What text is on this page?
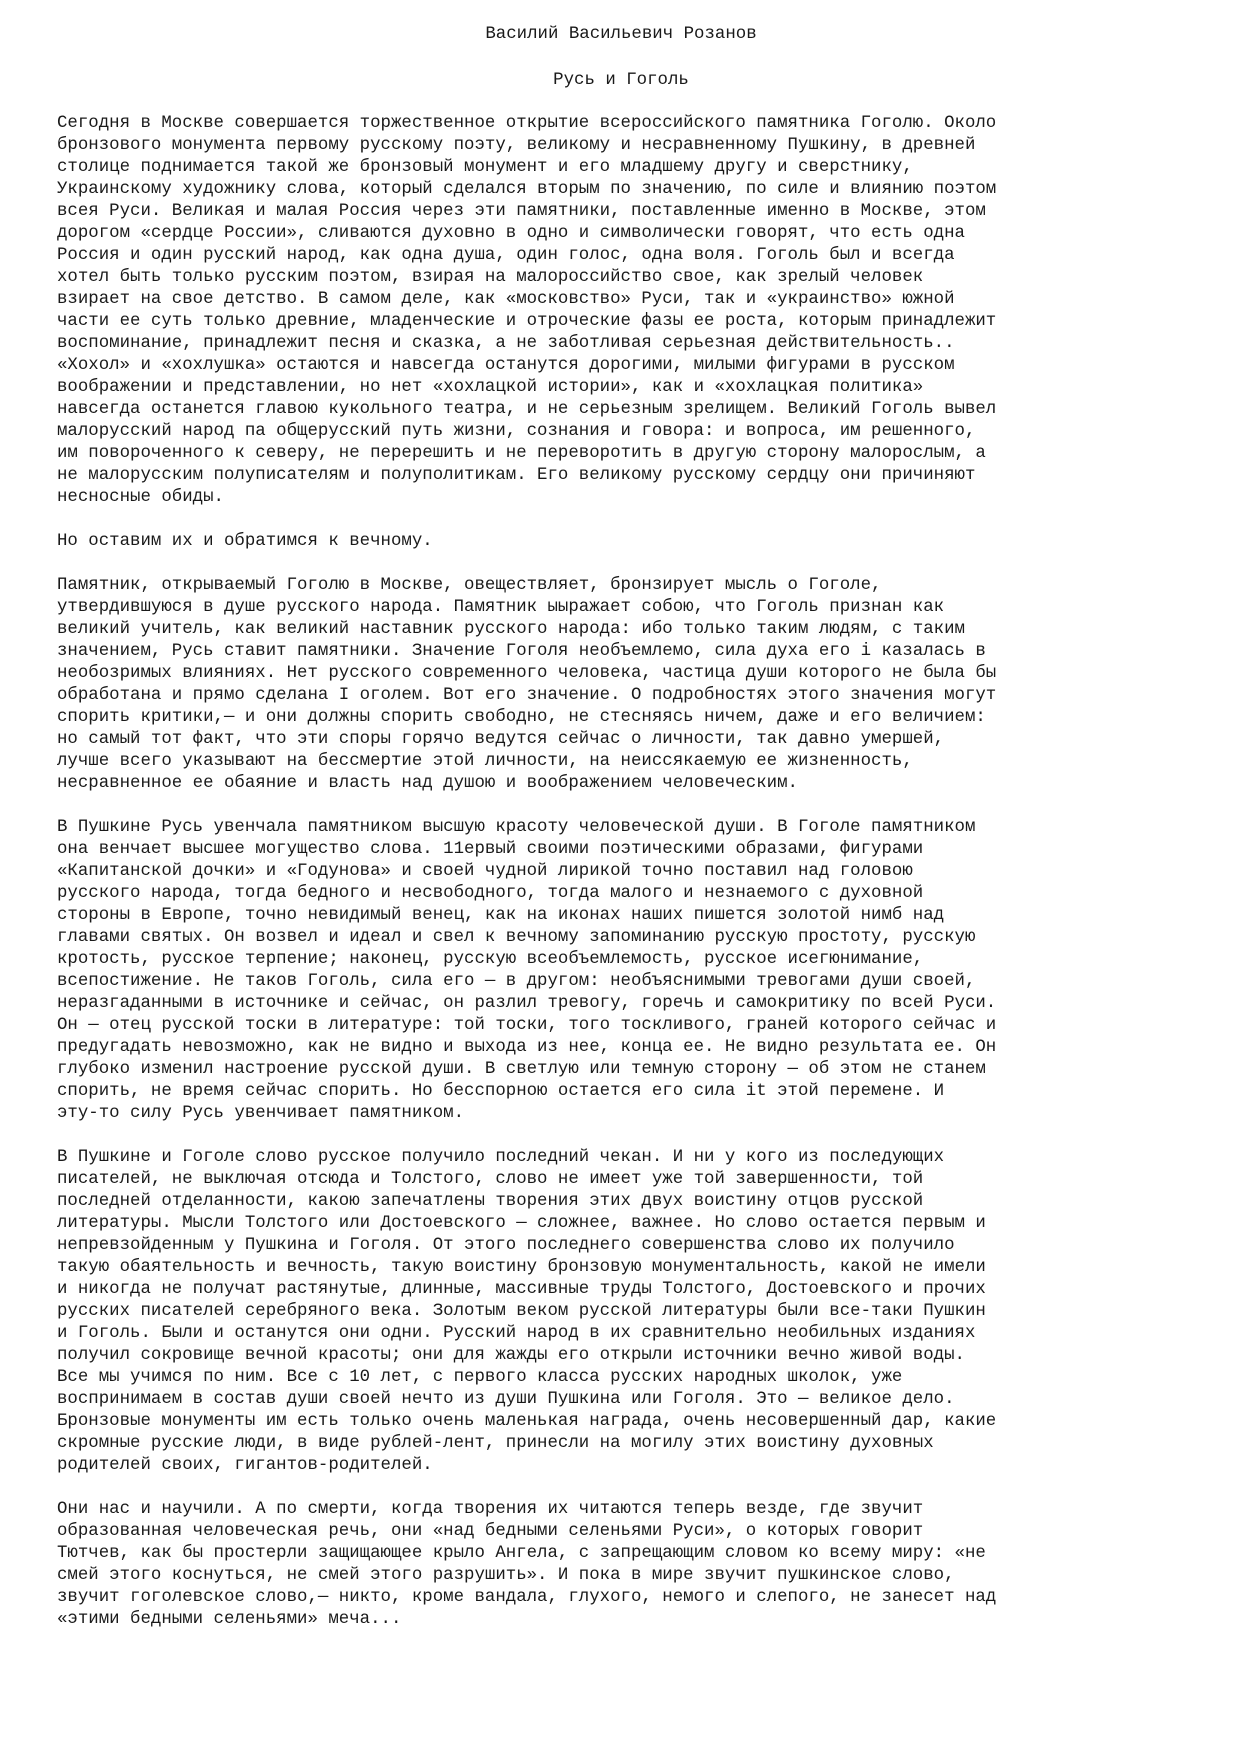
Василий Васильевич Розанов
Русь и Гоголь
Сегодня в Москве совершается торжественное открытие всероссийского памятника Гоголю. Около
бронзового монумента первому русскому поэту, великому и несравненному Пушкину, в древней
столице поднимается такой же бронзовый монумент и его младшему другу и сверстнику,
Украинскому художнику слова, который сделался вторым по значению, по силе и влиянию поэтом
всея Руси. Великая и малая Россия через эти памятники, поставленные именно в Москве, этом
дорогом «сердце России», сливаются духовно в одно и символически говорят, что есть одна
Россия и один русский народ, как одна душа, один голос, одна воля. Гоголь был и всегда
хотел быть только русским поэтом, взирая на малороссийство свое, как зрелый человек
взирает на свое детство. В самом деле, как «московство» Руси, так и «украинство» южной
части ее суть только древние, младенческие и отроческие фазы ее роста, которым принадлежит
воспоминание, принадлежит песня и сказка, а не заботливая серьезная действительность..
«Хохол» и «хохлушка» остаются и навсегда останутся дорогими, милыми фигурами в русском
воображении и представлении, но нет «хохлацкой истории», как и «хохлацкая политика»
навсегда останется главою кукольного театра, и не серьезным зрелищем. Великий Гоголь вывел
малорусский народ па общерусский путь жизни, сознания и говора: и вопроса, им решенного,
им повороченного к северу, не перерешить и не переворотить в другую сторону малорослым, а
не малорусским полуписателям и полуполитикам. Его великому русскому сердцу они причиняют
несносные обиды.
Но оставим их и обратимся к вечному.
Памятник, открываемый Гоголю в Москве, овеществляет, бронзирует мысль о Гоголе,
утвердившуюся в душе русского народа. Памятник ыыражает собою, что Гоголь признан как
великий учитель, как великий наставник русского народа: ибо только таким людям, с таким
значением, Русь ставит памятники. Значение Гоголя необъемлемо, сила духа его i казалась в
необозримых влияниях. Нет русского современного человека, частица души которого не была бы
обработана и прямо сделана I оголем. Вот его значение. О подробностях этого значения могут
спорить критики,— и они должны спорить свободно, не стесняясь ничем, даже и его величием:
но самый тот факт, что эти споры горячо ведутся сейчас о личности, так давно умершей,
лучше всего указывают на бессмертие этой личности, на неиссякаемую ее жизненность,
несравненное ее обаяние и власть над душою и воображением человеческим.
В Пушкине Русь увенчала памятником высшую красоту человеческой души. В Гоголе памятником
она венчает высшее могущество слова. 11ервый своими поэтическими образами, фигурами
«Капитанской дочки» и «Годунова» и своей чудной лирикой точно поставил над головою
русского народа, тогда бедного и несвободного, тогда малого и незнаемого с духовной
стороны в Европе, точно невидимый венец, как на иконах наших пишется золотой нимб над
главами святых. Он возвел и идеал и свел к вечному запоминанию русскую простоту, русскую
кротость, русское терпение; наконец, русскую всеобъемлемость, русское исегюнимание,
всепостижение. Не таков Гоголь, сила его — в другом: необъяснимыми тревогами души своей,
неразгаданными в источнике и сейчас, он разлил тревогу, горечь и самокритику по всей Руси.
Он — отец русской тоски в литературе: той тоски, того тоскливого, граней которого сейчас и
предугадать невозможно, как не видно и выхода из нее, конца ее. Не видно результата ее. Он
глубоко изменил настроение русской души. В светлую или темную сторону — об этом не станем
спорить, не время сейчас спорить. Но бесспорною остается его сила it этой перемене. И
эту-то силу Русь увенчивает памятником.
В Пушкине и Гоголе слово русское получило последний чекан. И ни у кого из последующих
писателей, не выключая отсюда и Толстого, слово не имеет уже той завершенности, той
последней отделанности, какою запечатлены творения этих двух воистину отцов русской
литературы. Мысли Толстого или Достоевского — сложнее, важнее. Но слово остается первым и
непревзойденным у Пушкина и Гоголя. От этого последнего совершенства слово их получило
такую обаятельность и вечность, такую воистину бронзовую монументальность, какой не имели
и никогда не получат растянутые, длинные, массивные труды Толстого, Достоевского и прочих
русских писателей серебряного века. Золотым веком русской литературы были все-таки Пушкин
и Гоголь. Были и останутся они одни. Русский народ в их сравнительно необильных изданиях
получил сокровище вечной красоты; они для жажды его открыли источники вечно живой воды.
Все мы учимся по ним. Все с 10 лет, с первого класса русских народных школок, уже
воспринимаем в состав души своей нечто из души Пушкина или Гоголя. Это — великое дело.
Бронзовые монументы им есть только очень маленькая награда, очень несовершенный дар, какие
скромные русские люди, в виде рублей-лент, принесли на могилу этих воистину духовных
родителей своих, гигантов-родителей.
Они нас и научили. А по смерти, когда творения их читаются теперь везде, где звучит
образованная человеческая речь, они «над бедными селеньями Руси», о которых говорит
Тютчев, как бы простерли защищающее крыло Ангела, с запрещающим словом ко всему миру: «не
смей этого коснуться, не смей этого разрушить». И пока в мире звучит пушкинское слово,
звучит гоголевское слово,— никто, кроме вандала, глухого, немого и слепого, не занесет над
«этими бедными селеньями» меча...
